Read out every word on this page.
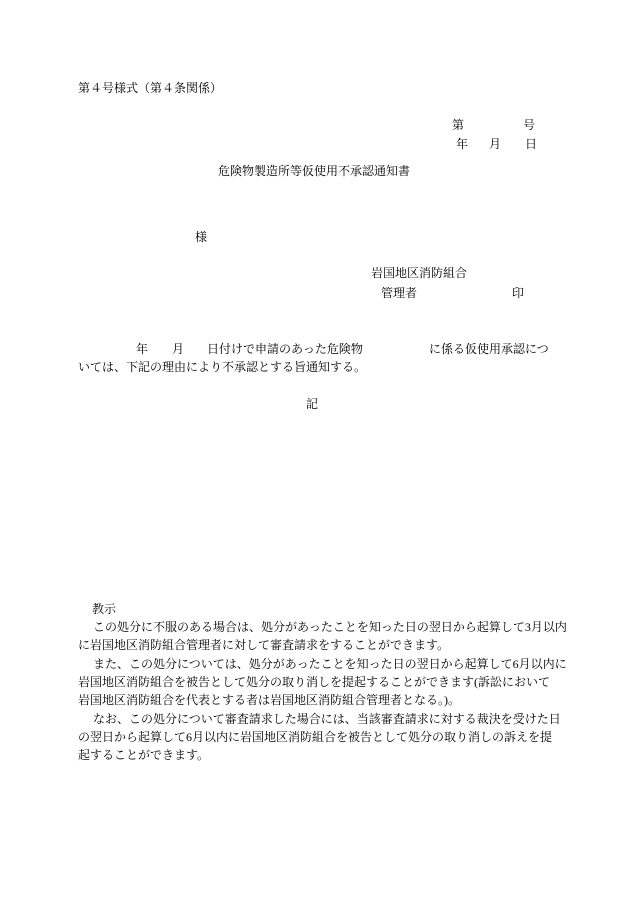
第４号様式（第４条関係）
第	号
年 月 日
危険物製造所等仮使用不承認通知書
様
岩国地区消防組合
管理者	印
年 月 日付けで申請のあった危険物	に係る仮使用承認につ
いては、下記の理由により不承認とする旨通知する。
記
教示
この処分に不服のある場合は、処分があったことを知った日の翌日から起算して3月以内
に岩国地区消防組合管理者に対して審査請求をすることができます。
また、この処分については、処分があったことを知った日の翌日から起算して6月以内に
岩国地区消防組合を被告として処分の取り消しを提起することができます(訴訟において
岩国地区消防組合を代表とする者は岩国地区消防組合管理者となる。)。
なお、この処分について審査請求した場合には、当該審査請求に対する裁決を受けた日
の翌日から起算して6月以内に岩国地区消防組合を被告として処分の取り消しの訴えを提
起することができます。
